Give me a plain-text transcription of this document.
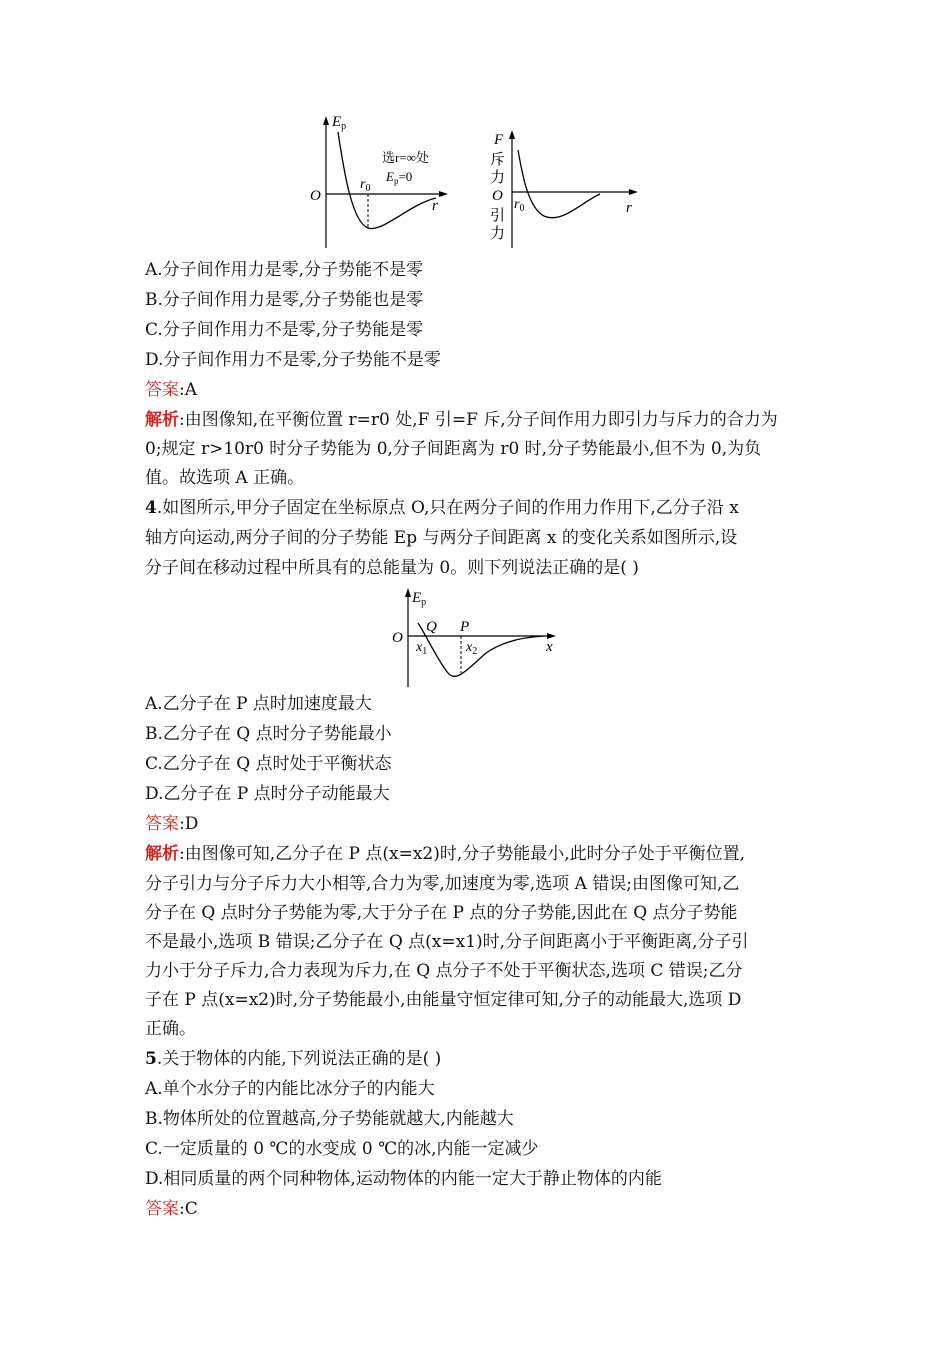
$E_p$
O
$r_0$
r
选r=∞处
$E_p=0$
F
斥
力
O
引
力
$r_0$	r
A.分子间作用力是零,分子势能不是零
B.分子间作用力是零,分子势能也是零
C.分子间作用力不是零,分子势能是零
D.分子间作用力不是零,分子势能不是零
答案:A
解析:由图像知,在平衡位置 r=r0 处,F 引=F 斥,分子间作用力即引力与斥力的合力为
0;规定 r>10r0 时分子势能为 0,分子间距离为 r0 时,分子势能最小,但不为 0,为负
值。故选项 A 正确。
4.如图所示,甲分子固定在坐标原点 O,只在两分子间的作用力作用下,乙分子沿 x
轴方向运动,两分子间的分子势能 Ep 与两分子间距离 x 的变化关系如图所示,设
分子间在移动过程中所具有的总能量为 0。则下列说法正确的是( )
$E_p$
O
Q P
$x_1$	$x_2$	x
A.乙分子在 P 点时加速度最大
B.乙分子在 Q 点时分子势能最小
C.乙分子在 Q 点时处于平衡状态
D.乙分子在 P 点时分子动能最大
答案:D
解析:由图像可知,乙分子在 P 点(x=x2)时,分子势能最小,此时分子处于平衡位置,
分子引力与分子斥力大小相等,合力为零,加速度为零,选项 A 错误;由图像可知,乙
分子在 Q 点时分子势能为零,大于分子在 P 点的分子势能,因此在 Q 点分子势能
不是最小,选项 B 错误;乙分子在 Q 点(x=x1)时,分子间距离小于平衡距离,分子引
力小于分子斥力,合力表现为斥力,在 Q 点分子不处于平衡状态,选项 C 错误;乙分
子在 P 点(x=x2)时,分子势能最小,由能量守恒定律可知,分子的动能最大,选项 D
正确。
5.关于物体的内能,下列说法正确的是( )
A.单个水分子的内能比冰分子的内能大
B.物体所处的位置越高,分子势能就越大,内能越大
C.一定质量的 0 ℃的水变成 0 ℃的冰,内能一定减少
D.相同质量的两个同种物体,运动物体的内能一定大于静止物体的内能
答案:C
